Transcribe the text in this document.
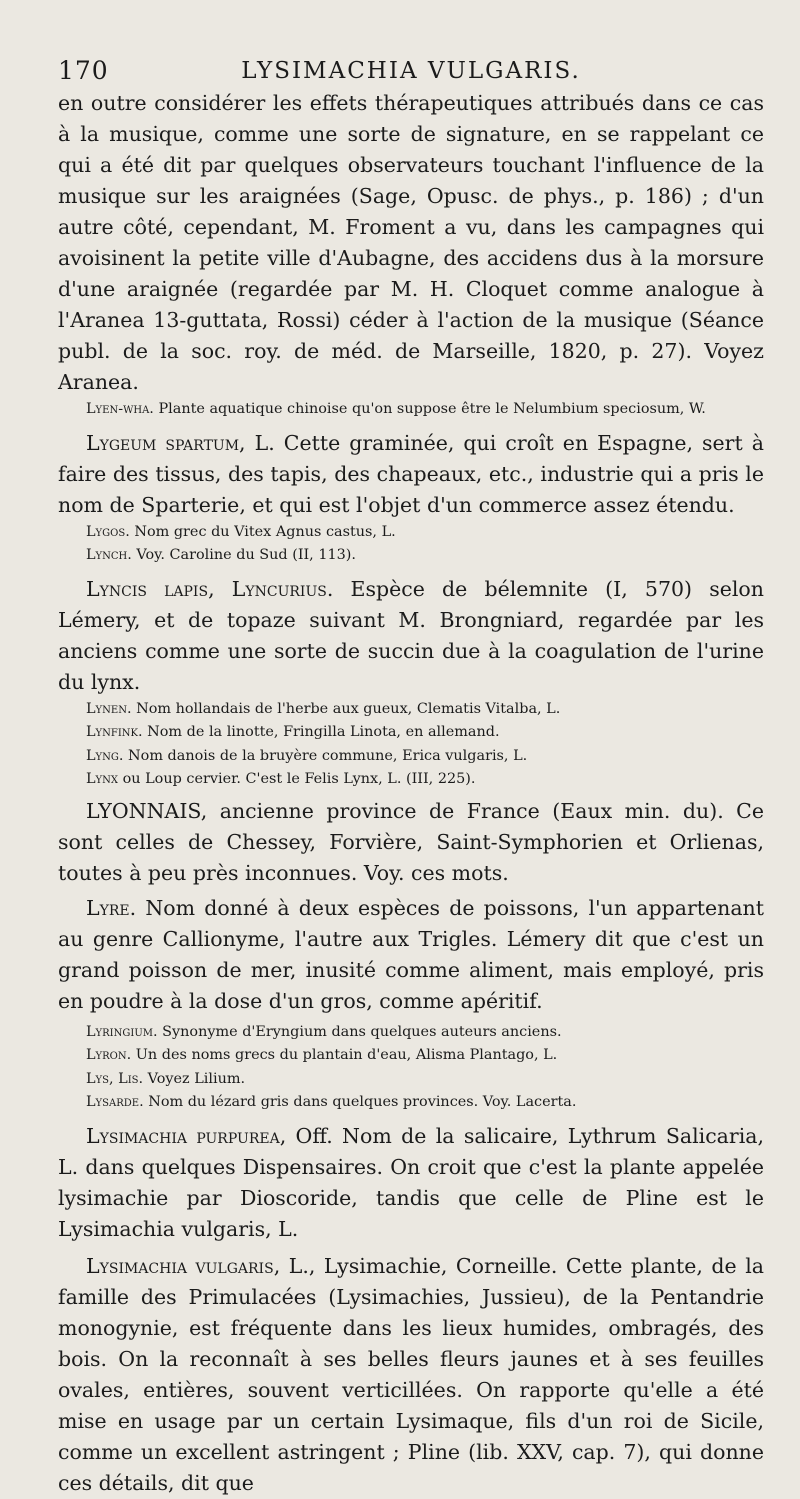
170	LYSIMACHIA VULGARIS.

en outre considérer les effets thérapeutiques attribués dans ce cas à la musique, comme une sorte de signature, en se rappelant ce qui a été dit par quelques observateurs touchant l'influence de la musique sur les araignées (Sage, Opusc. de phys., p. 186) ; d'un autre côté, cependant, M. Froment a vu, dans les campagnes qui avoisinent la petite ville d'Aubagne, des accidens dus à la morsure d'une araignée (regardée par M. H. Cloquet comme analogue à l'Aranea 13-guttata, Rossi) céder à l'action de la musique (Séance publ. de la soc. roy. de méd. de Marseille, 1820, p. 27). Voyez Aranea.

Lyen-wha. Plante aquatique chinoise qu'on suppose être le Nelumbium speciosum, W.

Lygeum spartum, L. Cette graminée, qui croît en Espagne, sert à faire des tissus, des tapis, des chapeaux, etc., industrie qui a pris le nom de Sparterie, et qui est l'objet d'un commerce assez étendu.

Lygos. Nom grec du Vitex Agnus castus, L.

Lynch. Voy. Caroline du Sud (II, 113).

Lyncis lapis, Lyncurius. Espèce de bélemnite (I, 570) selon Lémery, et de topaze suivant M. Brongniard, regardée par les anciens comme une sorte de succin due à la coagulation de l'urine du lynx.

Lynen. Nom hollandais de l'herbe aux gueux, Clematis Vitalba, L.

Lynfink. Nom de la linotte, Fringilla Linota, en allemand.

Lyng. Nom danois de la bruyère commune, Erica vulgaris, L.

Lynx ou Loup cervier. C'est le Felis Lynx, L. (III, 225).

LYONNAIS, ancienne province de France (Eaux min. du). Ce sont celles de Chessey, Forvière, Saint-Symphorien et Orlienas, toutes à peu près inconnues. Voy. ces mots.

Lyre. Nom donné à deux espèces de poissons, l'un appartenant au genre Callionyme, l'autre aux Trigles. Lémery dit que c'est un grand poisson de mer, inusité comme aliment, mais employé, pris en poudre à la dose d'un gros, comme apéritif.

Lyringium. Synonyme d'Eryngium dans quelques auteurs anciens.

Lyron. Un des noms grecs du plantain d'eau, Alisma Plantago, L.

Lys, Lis. Voyez Lilium.

Lysarde. Nom du lézard gris dans quelques provinces. Voy. Lacerta.

Lysimachia purpurea, Off. Nom de la salicaire, Lythrum Salicaria, L. dans quelques Dispensaires. On croit que c'est la plante appelée lysimachie par Dioscoride, tandis que celle de Pline est le Lysimachia vulgaris, L.

Lysimachia vulgaris, L., Lysimachie, Corneille. Cette plante, de la famille des Primulacées (Lysimachies, Jussieu), de la Pentandrie monogynie, est fréquente dans les lieux humides, ombragés, des bois. On la reconnaît à ses belles fleurs jaunes et à ses feuilles ovales, entières, souvent verticillées. On rapporte qu'elle a été mise en usage par un certain Lysimaque, fils d'un roi de Sicile, comme un excellent astringent ; Pline (lib. XXV, cap. 7), qui donne ces détails, dit que
